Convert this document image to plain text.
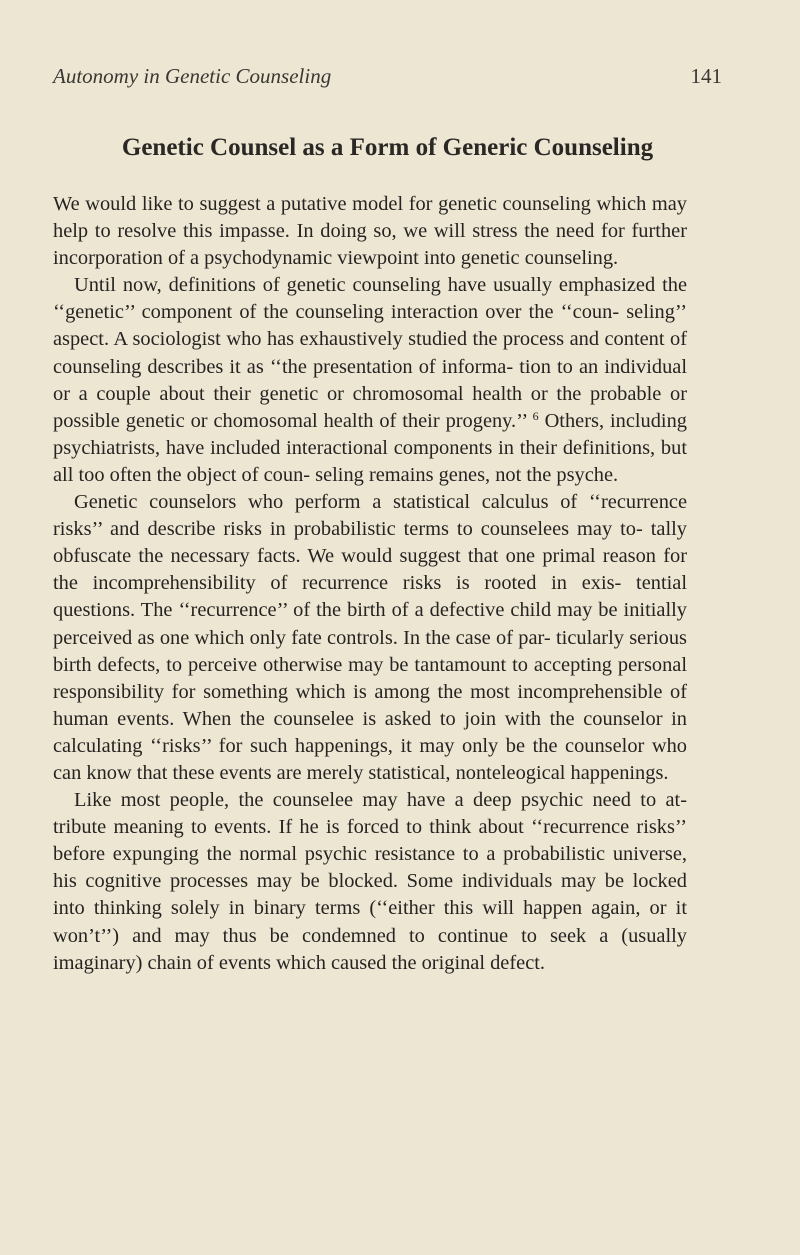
Autonomy in Genetic Counseling	141
Genetic Counsel as a Form of Generic Counseling

We would like to suggest a putative model for genetic counseling which may help to resolve this impasse. In doing so, we will stress the need for further incorporation of a psychodynamic viewpoint into genetic counseling.

Until now, definitions of genetic counseling have usually emphasized the ‘‘genetic’’ component of the counseling interaction over the ‘‘coun- seling’’ aspect. A sociologist who has exhaustively studied the process and content of counseling describes it as ‘‘the presentation of informa- tion to an individual or a couple about their genetic or chromosomal health or the probable or possible genetic or chomosomal health of their progeny.’’ $^6$ Others, including psychiatrists, have included interactional components in their definitions, but all too often the object of coun- seling remains genes, not the psyche.

Genetic counselors who perform a statistical calculus of ‘‘recurrence risks’’ and describe risks in probabilistic terms to counselees may to- tally obfuscate the necessary facts. We would suggest that one primal reason for the incomprehensibility of recurrence risks is rooted in exis- tential questions. The ‘‘recurrence’’ of the birth of a defective child may be initially perceived as one which only fate controls. In the case of par- ticularly serious birth defects, to perceive otherwise may be tantamount to accepting personal responsibility for something which is among the most incomprehensible of human events. When the counselee is asked to join with the counselor in calculating ‘‘risks’’ for such happenings, it may only be the counselor who can know that these events are merely statistical, nonteleogical happenings.

Like most people, the counselee may have a deep psychic need to at- tribute meaning to events. If he is forced to think about ‘‘recurrence risks’’ before expunging the normal psychic resistance to a probabilistic universe, his cognitive processes may be blocked. Some individuals may be locked into thinking solely in binary terms (‘‘either this will happen again, or it won’t’’) and may thus be condemned to continue to seek a (usually imaginary) chain of events which caused the original defect.
